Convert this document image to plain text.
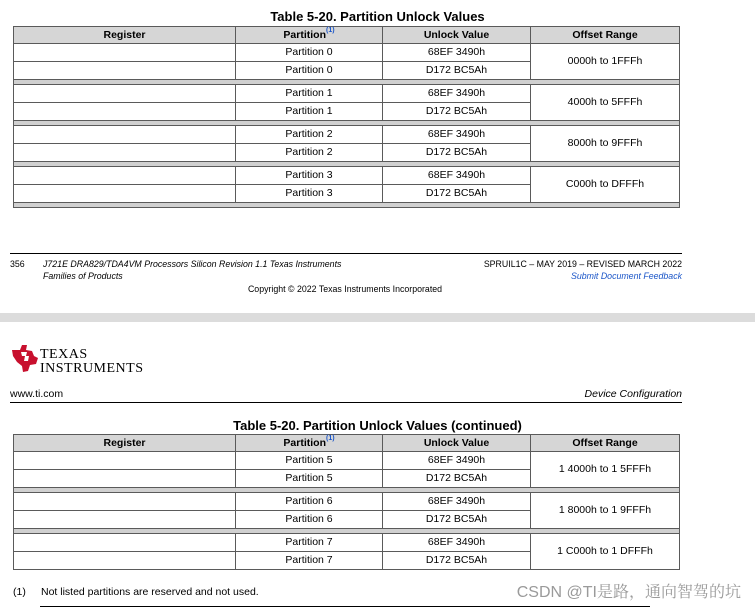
Table 5-20. Partition Unlock Values
Register	Partition$^{(1)}$	Unlock Value	Offset Range
	Partition 0	68EF 3490h	0000h to 1FFFh
	Partition 0	D172 BC5Ah	

	Partition 1	68EF 3490h	4000h to 5FFFh
	Partition 1	D172 BC5Ah	

	Partition 2	68EF 3490h	8000h to 9FFFh
	Partition 2	D172 BC5Ah	

	Partition 3	68EF 3490h	C000h to DFFFh
	Partition 3	D172 BC5Ah	

356 J721E DRA829/TDA4VM Processors Silicon Revision 1.1 Texas Instruments
Families of Products
SPRUIL1C – MAY 2019 – REVISED MARCH 2022
Submit Document Feedback
Copyright © 2022 Texas Instruments Incorporated
TEXAS
INSTRUMENTS
www.ti.com	Device Configuration
Table 5-20. Partition Unlock Values (continued)
Register	Partition$^{(1)}$	Unlock Value	Offset Range
	Partition 5	68EF 3490h	1 4000h to 1 5FFFh
	Partition 5	D172 BC5Ah	

	Partition 6	68EF 3490h	1 8000h to 1 9FFFh
	Partition 6	D172 BC5Ah	

	Partition 7	68EF 3490h	1 C000h to 1 DFFFh
	Partition 7	D172 BC5Ah	
(1) Not listed partitions are reserved and not used.	CSDN @TI是路，通向智驾的坑
